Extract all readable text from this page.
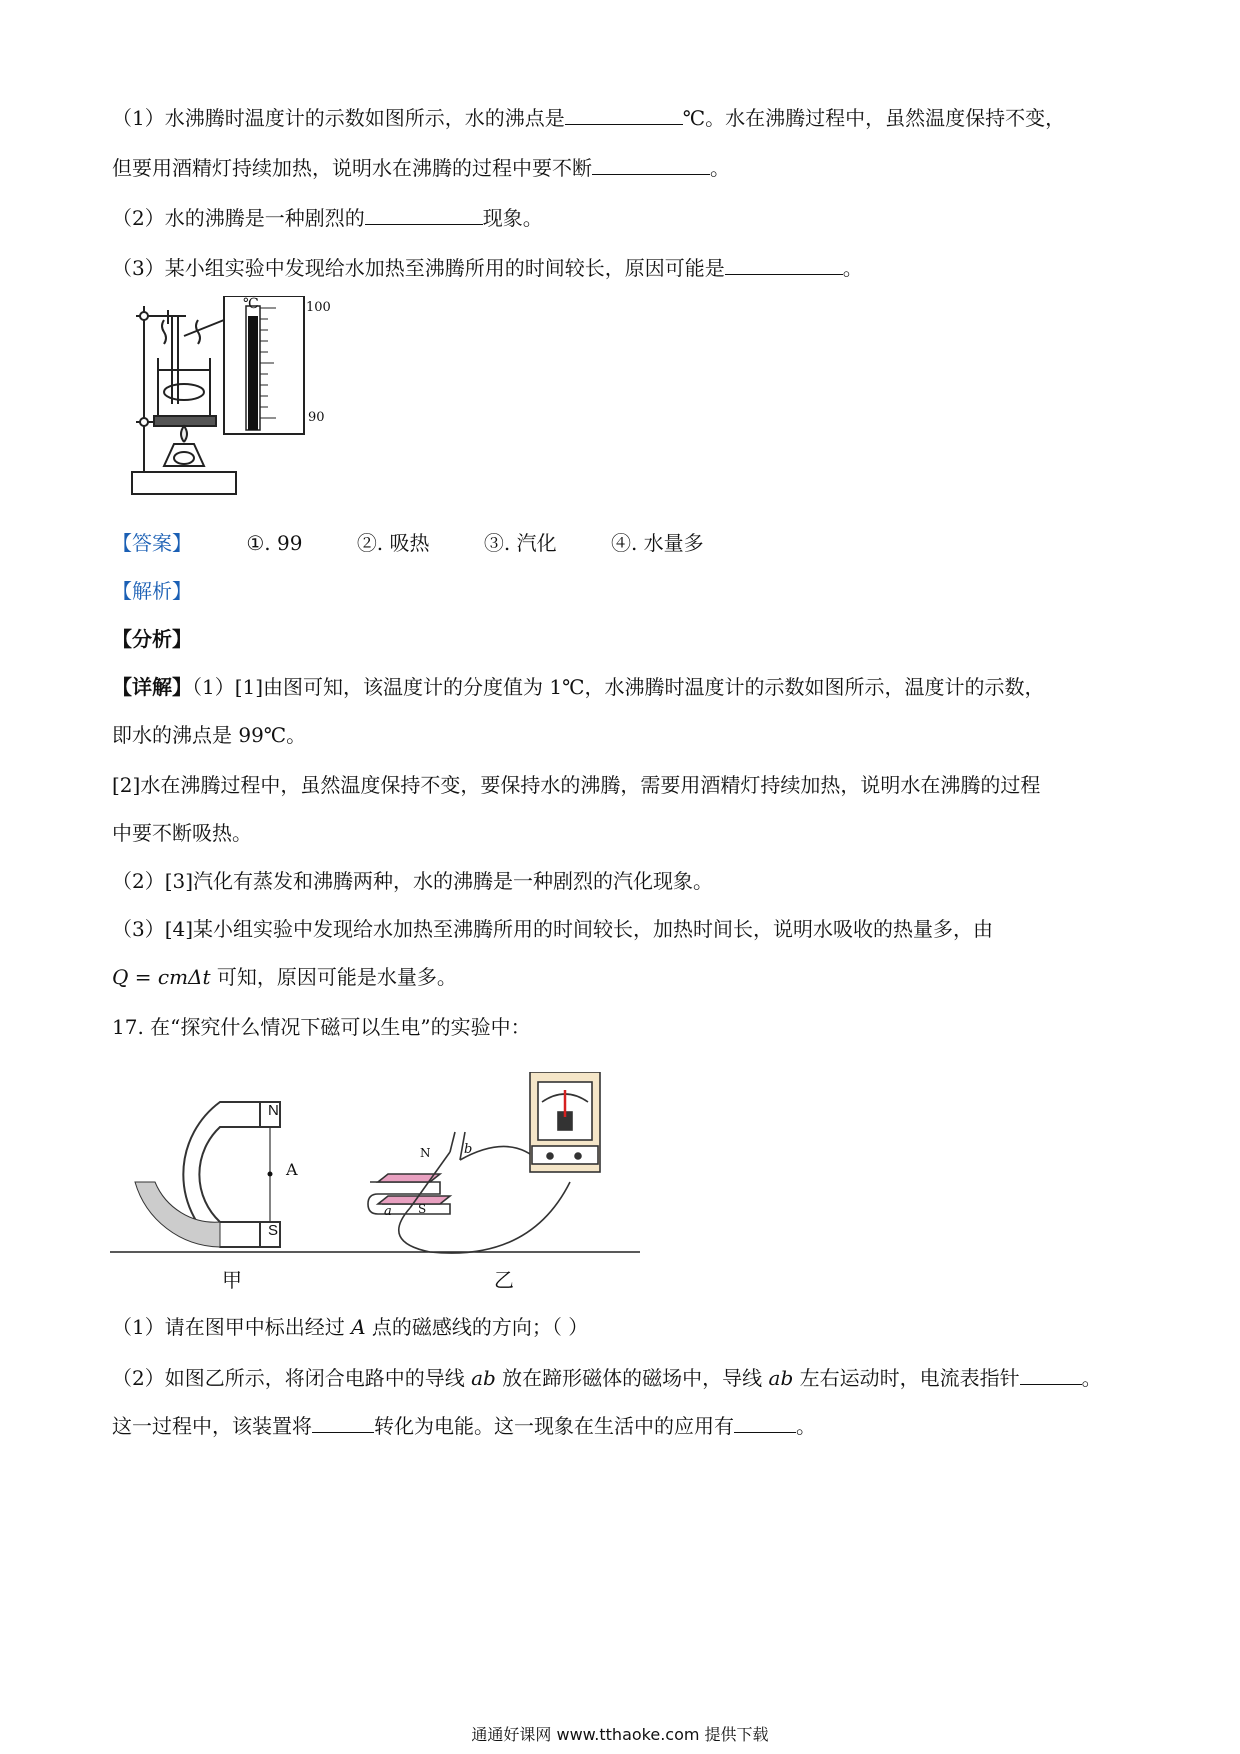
（1）水沸腾时温度计的示数如图所示，水的沸点是	℃。水在沸腾过程中，虽然温度保持不变，
但要用酒精灯持续加热，说明水在沸腾的过程中要不断	。
（2）水的沸腾是一种剧烈的	现象。
（3）某小组实验中发现给水加热至沸腾所用的时间较长，原因可能是	。
℃	100
90
【答案】	①. 99	②. 吸热	③. 汽化	④. 水量多
【解析】
【分析】
【详解】（1）[1]由图可知，该温度计的分度值为 1℃，水沸腾时温度计的示数如图所示，温度计的示数，
即水的沸点是 99℃。
[2]水在沸腾过程中，虽然温度保持不变，要保持水的沸腾，需要用酒精灯持续加热，说明水在沸腾的过程
中要不断吸热。
（2）[3]汽化有蒸发和沸腾两种，水的沸腾是一种剧烈的汽化现象。
（3）[4]某小组实验中发现给水加热至沸腾所用的时间较长，加热时间长，说明水吸收的热量多，由
Q = cmΔt 可知，原因可能是水量多。
17. 在“探究什么情况下磁可以生电”的实验中：
N
S
A
N
S
a
b
甲	乙
（1）请在图甲中标出经过 A 点的磁感线的方向；（ ）
（2）如图乙所示，将闭合电路中的导线 ab 放在蹄形磁体的磁场中，导线 ab 左右运动时，电流表指针	。
这一过程中，该装置将	转化为电能。这一现象在生活中的应用有	。
通通好课网 www.tthaoke.com 提供下载
